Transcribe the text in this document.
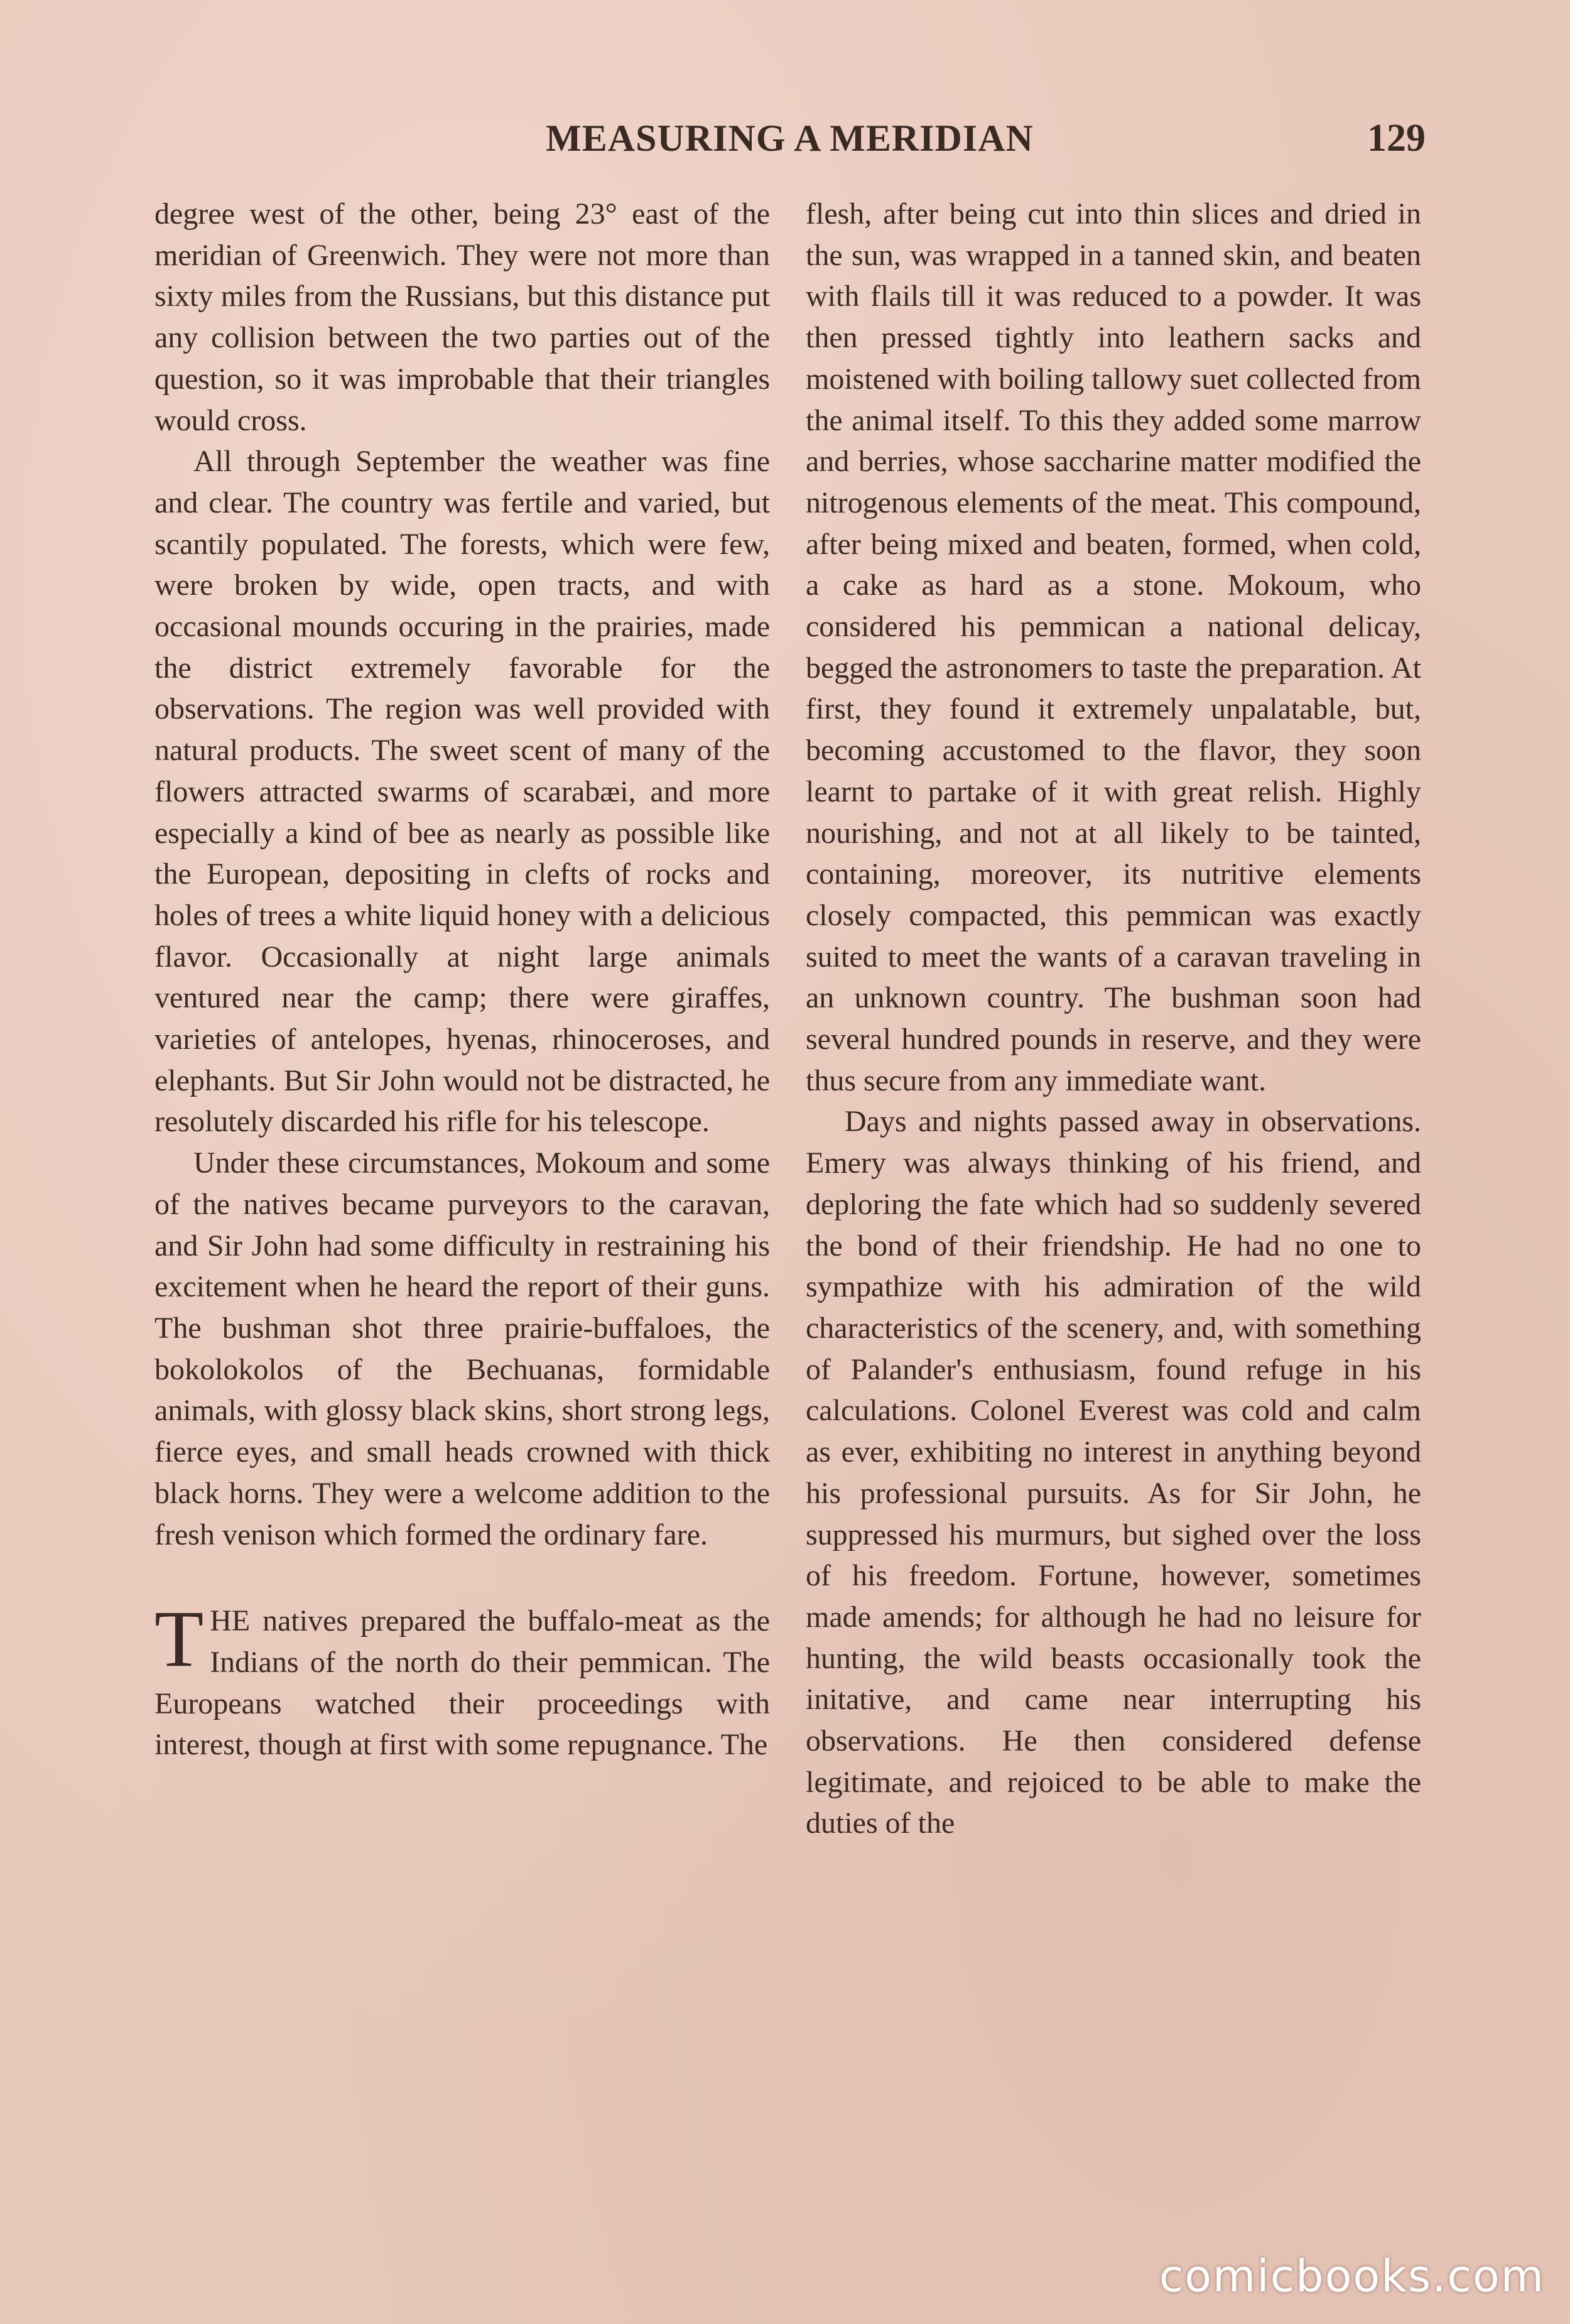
MEASURING A MERIDIAN	129

degree west of the other, being 23° east of the meridian of Greenwich. They were not more than sixty miles from the Russians, but this distance put any collision between the two parties out of the question, so it was improbable that their triangles would cross.

All through September the weather was fine and clear. The country was fertile and varied, but scantily populated. The forests, which were few, were broken by wide, open tracts, and with occasional mounds occuring in the prairies, made the district extremely favorable for the observations. The region was well provided with natural products. The sweet scent of many of the flowers attracted swarms of scarabæi, and more especially a kind of bee as nearly as possible like the European, depositing in clefts of rocks and holes of trees a white liquid honey with a delicious flavor. Occasionally at night large animals ventured near the camp; there were giraffes, varieties of antelopes, hyenas, rhinoceroses, and elephants. But Sir John would not be distracted, he resolutely discarded his rifle for his telescope.

Under these circumstances, Mokoum and some of the natives became purveyors to the caravan, and Sir John had some difficulty in restraining his excitement when he heard the report of their guns. The bushman shot three prairie-buffaloes, the bokolokolos of the Bechuanas, formidable animals, with glossy black skins, short strong legs, fierce eyes, and small heads crowned with thick black horns. They were a welcome addition to the fresh venison which formed the ordinary fare.

THE natives prepared the buffalo-meat as the Indians of the north do their pemmican. The Europeans watched their proceedings with interest, though at first with some repugnance. The

flesh, after being cut into thin slices and dried in the sun, was wrapped in a tanned skin, and beaten with flails till it was reduced to a powder. It was then pressed tightly into leathern sacks and moistened with boiling tallowy suet collected from the animal itself. To this they added some marrow and berries, whose saccharine matter modified the nitrogenous elements of the meat. This compound, after being mixed and beaten, formed, when cold, a cake as hard as a stone. Mokoum, who considered his pemmican a national delicay, begged the astronomers to taste the preparation. At first, they found it extremely unpalatable, but, becoming accustomed to the flavor, they soon learnt to partake of it with great relish. Highly nourishing, and not at all likely to be tainted, containing, moreover, its nutritive elements closely compacted, this pemmican was exactly suited to meet the wants of a caravan traveling in an unknown country. The bushman soon had several hundred pounds in reserve, and they were thus secure from any immediate want.

Days and nights passed away in observations. Emery was always thinking of his friend, and deploring the fate which had so suddenly severed the bond of their friendship. He had no one to sympathize with his admiration of the wild characteristics of the scenery, and, with something of Palander's enthusiasm, found refuge in his calculations. Colonel Everest was cold and calm as ever, exhibiting no interest in anything beyond his professional pursuits. As for Sir John, he suppressed his murmurs, but sighed over the loss of his freedom. Fortune, however, sometimes made amends; for although he had no leisure for hunting, the wild beasts occasionally took the initative, and came near interrupting his observations. He then considered defense legitimate, and rejoiced to be able to make the duties of the

comicbooks.com
